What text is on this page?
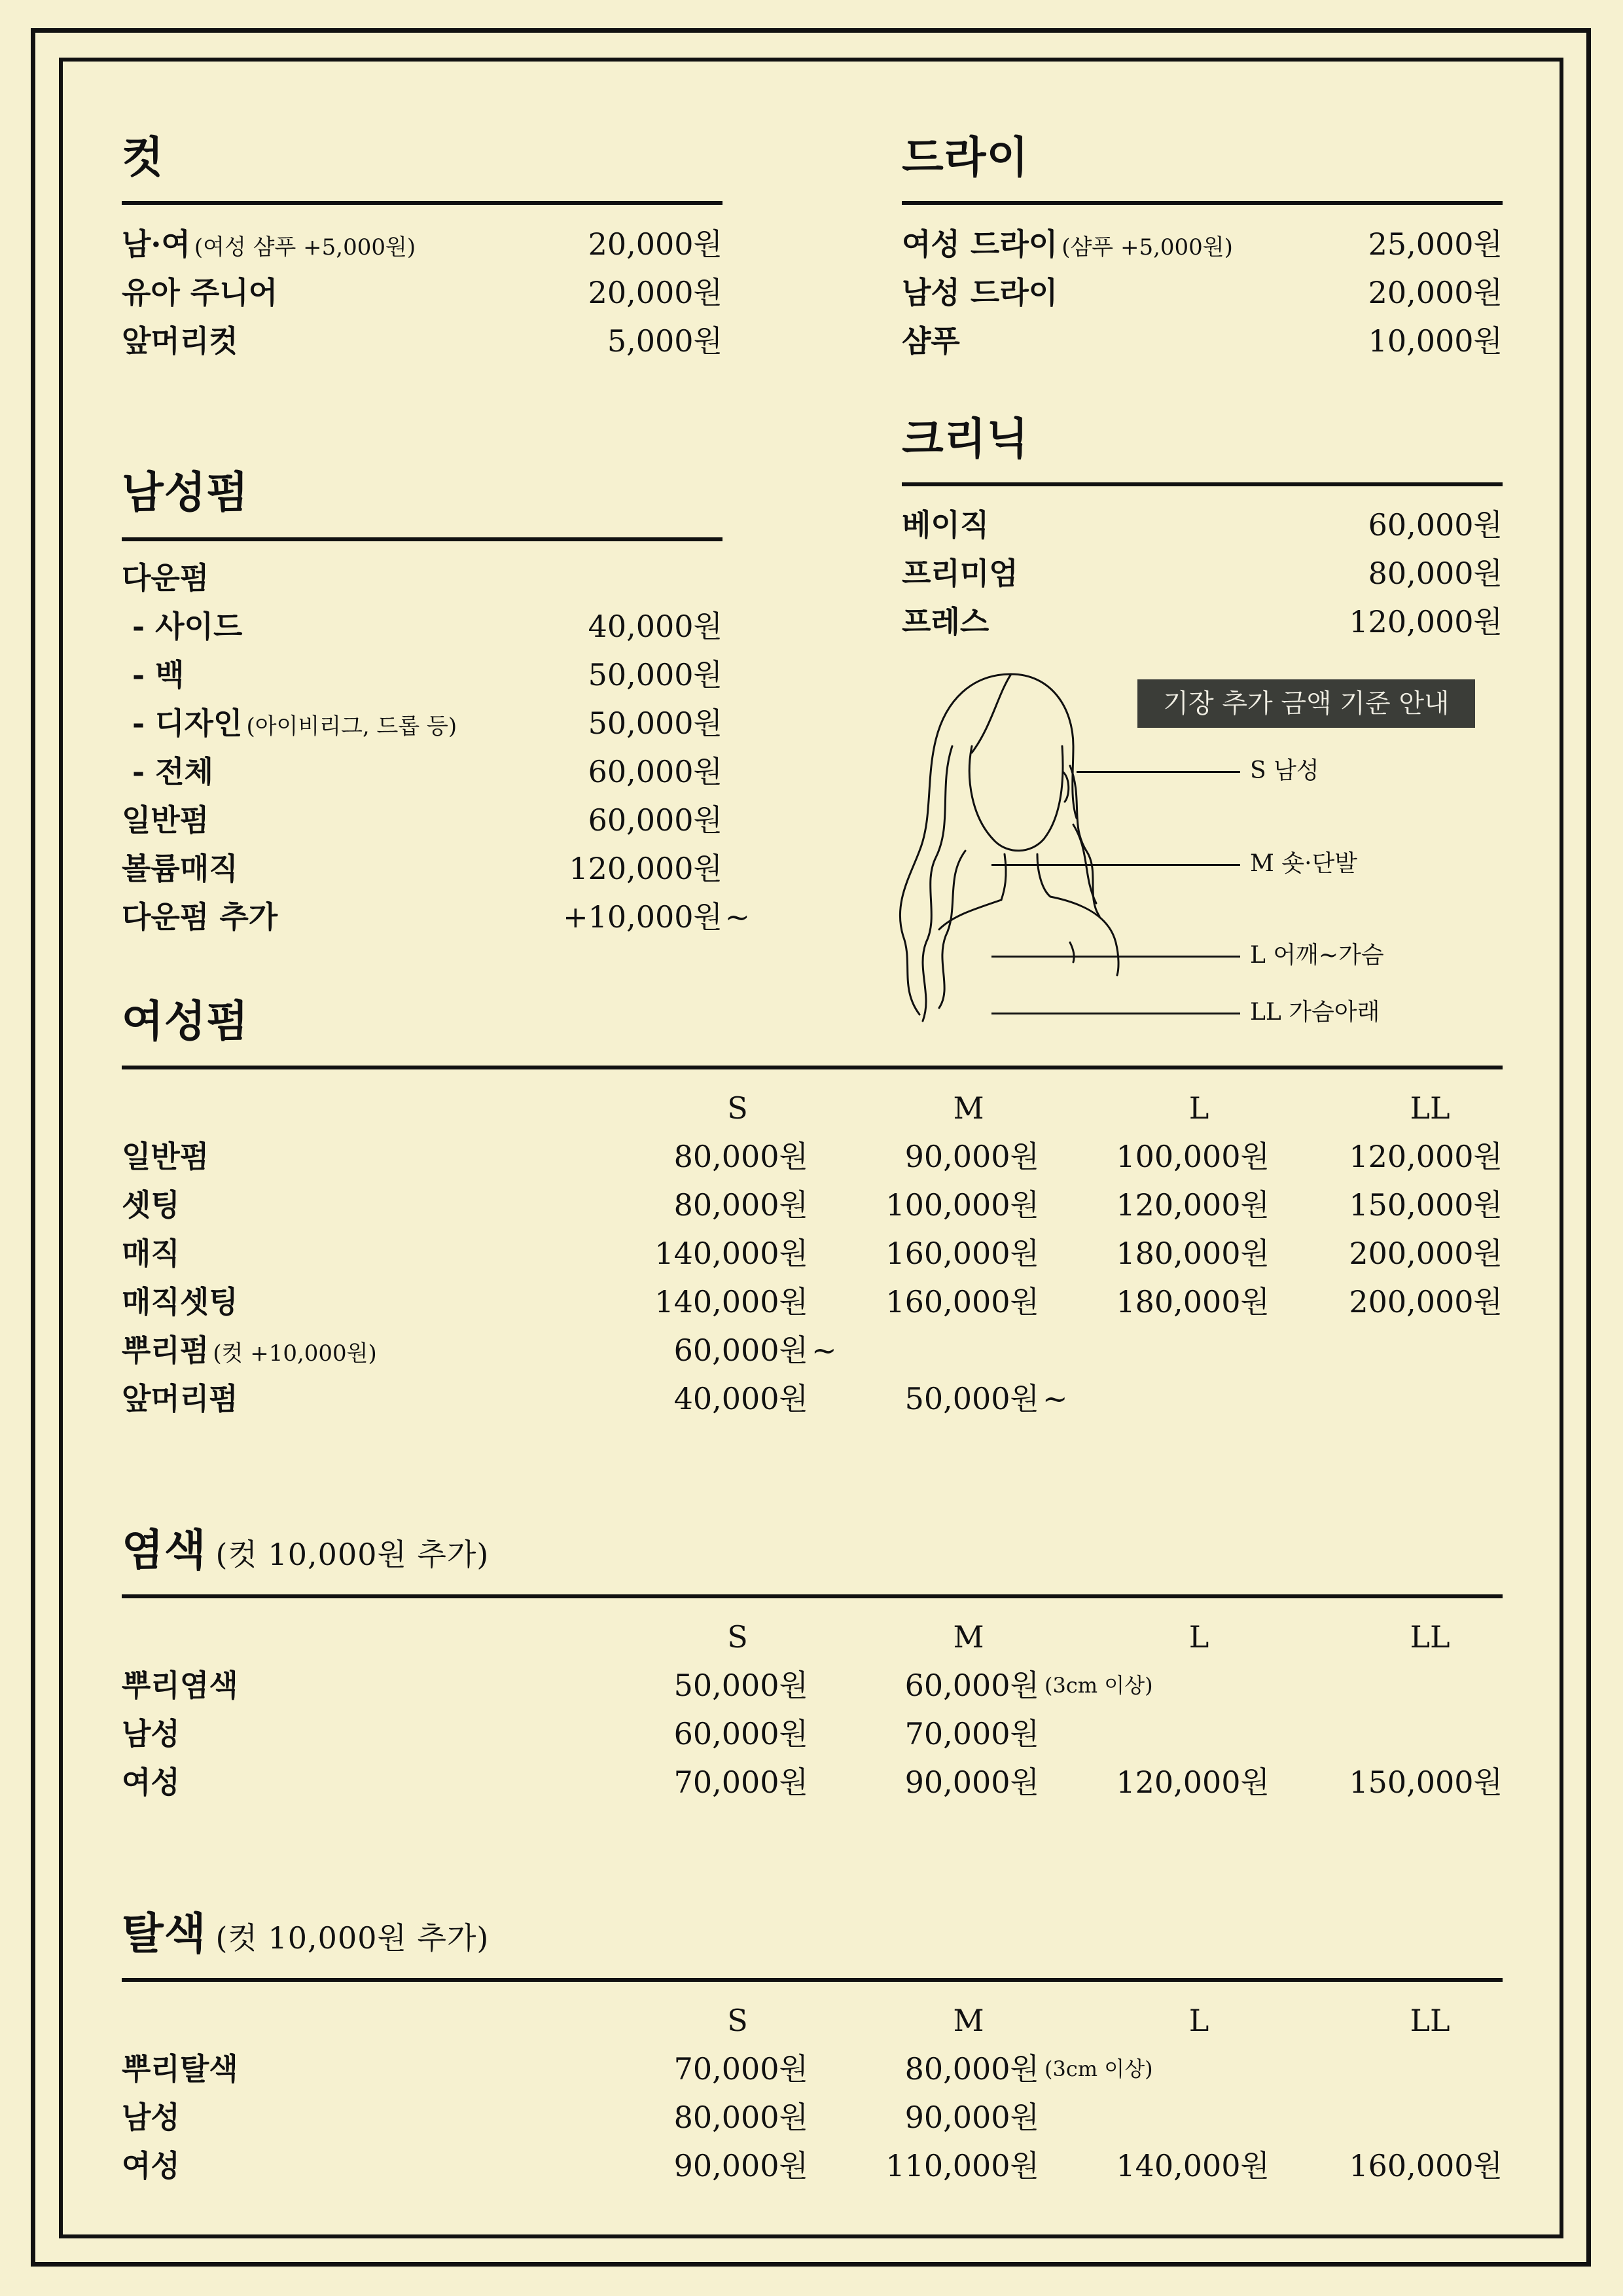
컷
남·여 (여성 샴푸 +5,000원)	20,000원
유아 주니어	20,000원
앞머리컷	5,000원
드라이
여성 드라이 (샴푸 +5,000원)	25,000원
남성 드라이	20,000원
샴푸	10,000원
크리닉
베이직	60,000원
프리미엄	80,000원
프레스	120,000원
남성펌
다운펌
- 사이드	40,000원
- 백	50,000원
- 디자인 (아이비리그, 드롭 등)	50,000원
- 전체	60,000원
일반펌	60,000원
볼륨매직	120,000원
다운펌 추가	+10,000원 ~
기장 추가 금액 기준 안내
S 남성
M 숏·단발
L 어깨~가슴
LL 가슴아래
여성펌
S	M	L	LL
일반펌	80,000원	90,000원	100,000원	120,000원
셋팅	80,000원	100,000원	120,000원	150,000원
매직	140,000원	160,000원	180,000원	200,000원
매직셋팅	140,000원	160,000원	180,000원	200,000원
뿌리펌 (컷 +10,000원)	60,000원 ~
앞머리펌	40,000원	50,000원 ~
염색 (컷 10,000원 추가)
S	M	L	LL
뿌리염색	50,000원	60,000원 (3cm 이상)
남성	60,000원	70,000원
여성	70,000원	90,000원	120,000원	150,000원
탈색 (컷 10,000원 추가)
S	M	L	LL
뿌리탈색	70,000원	80,000원 (3cm 이상)
남성	80,000원	90,000원
여성	90,000원	110,000원	140,000원	160,000원
